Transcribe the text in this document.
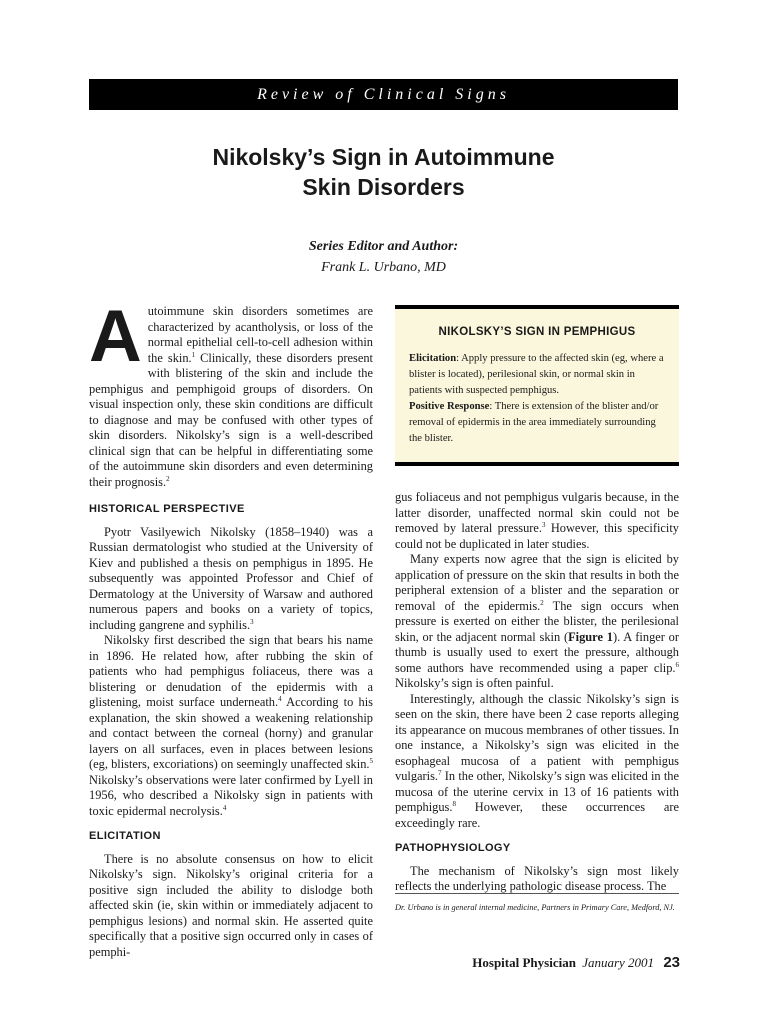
Review of Clinical Signs
Nikolsky’s Sign in Autoimmune
Skin Disorders
Series Editor and Author:
Frank L. Urbano, MD

Autoimmune skin disorders sometimes are characterized by acantholysis, or loss of the normal epithelial cell-to-cell adhesion within the skin.$^1$ Clinically, these disorders present with blistering of the skin and include the pemphigus and pemphigoid groups of disorders. On visual inspection only, these skin conditions are difficult to diagnose and may be confused with other types of skin disorders. Nikolsky’s sign is a well-described clinical sign that can be helpful in differentiating some of the autoimmune skin disorders and even determining their prognosis.$^2$

HISTORICAL PERSPECTIVE

Pyotr Vasilyewich Nikolsky (1858–1940) was a Russian dermatologist who studied at the University of Kiev and published a thesis on pemphigus in 1895. He subsequently was appointed Professor and Chief of Dermatology at the University of Warsaw and authored numerous papers and books on a variety of topics, including gangrene and syphilis.$^3$

Nikolsky first described the sign that bears his name in 1896. He related how, after rubbing the skin of patients who had pemphigus foliaceus, there was a blistering or denudation of the epidermis with a glistening, moist surface underneath.$^4$ According to his explanation, the skin showed a weakening relationship and contact between the corneal (horny) and granular layers on all surfaces, even in places between lesions (eg, blisters, excoriations) on seemingly unaffected skin.$^5$ Nikolsky’s observations were later confirmed by Lyell in 1956, who described a Nikolsky sign in patients with toxic epidermal necrolysis.$^4$

ELICITATION

There is no absolute consensus on how to elicit Nikolsky’s sign. Nikolsky’s original criteria for a positive sign included the ability to dislodge both affected skin (ie, skin within or immediately adjacent to pemphigus lesions) and normal skin. He asserted quite specifically that a positive sign occurred only in cases of pemphi-

NIKOLSKY’S SIGN IN PEMPHIGUS

Elicitation: Apply pressure to the affected skin (eg, where a blister is located), perilesional skin, or normal skin in patients with suspected pemphigus.

Positive Response: There is extension of the blister and/or removal of epidermis in the area immediately surrounding the blister.

gus foliaceus and not pemphigus vulgaris because, in the latter disorder, unaffected normal skin could not be removed by lateral pressure.$^3$ However, this specificity could not be duplicated in later studies.

Many experts now agree that the sign is elicited by application of pressure on the skin that results in both the peripheral extension of a blister and the separation or removal of the epidermis.$^2$ The sign occurs when pressure is exerted on either the blister, the perilesional skin, or the adjacent normal skin (Figure 1). A finger or thumb is usually used to exert the pressure, although some authors have recommended using a paper clip.$^6$ Nikolsky’s sign is often painful.

Interestingly, although the classic Nikolsky’s sign is seen on the skin, there have been 2 case reports alleging its appearance on mucous membranes of other tissues. In one instance, a Nikolsky’s sign was elicited in the esophageal mucosa of a patient with pemphigus vulgaris.$^7$ In the other, Nikolsky’s sign was elicited in the mucosa of the uterine cervix in 13 of 16 patients with pemphigus.$^8$ However, these occurrences are exceedingly rare.

PATHOPHYSIOLOGY

The mechanism of Nikolsky’s sign most likely reflects the underlying pathologic disease process. The

Dr. Urbano is in general internal medicine, Partners in Primary Care, Medford, NJ.
Hospital Physician January 2001 23
